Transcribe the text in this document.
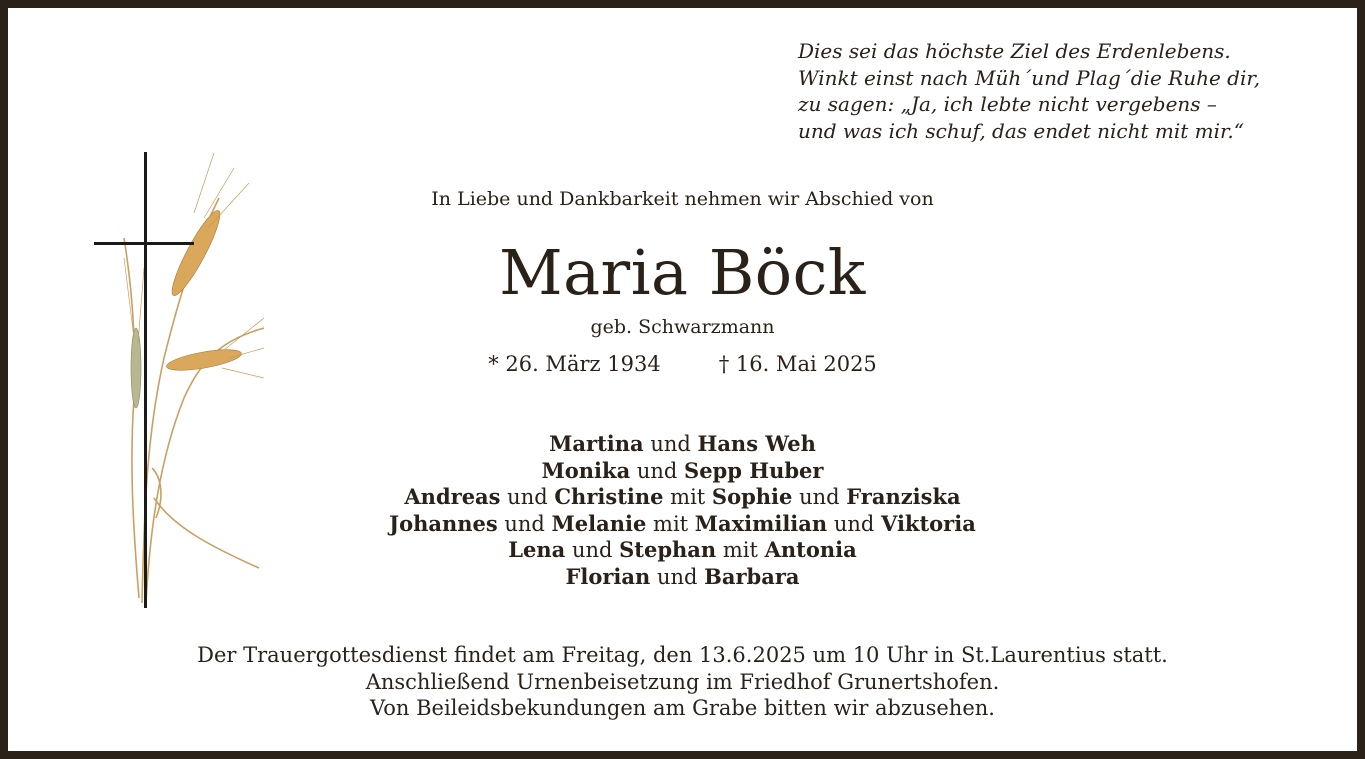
Dies sei das höchste Ziel des Erdenlebens.
Winkt einst nach Müh´und Plag´die Ruhe dir,
zu sagen: „Ja, ich lebte nicht vergebens –
und was ich schuf, das endet nicht mit mir.“
In Liebe und Dankbarkeit nehmen wir Abschied von
Maria Böck
geb. Schwarzmann
* 26. März 1934	† 16. Mai 2025
Martina und Hans Weh
Monika und Sepp Huber
Andreas und Christine mit Sophie und Franziska
Johannes und Melanie mit Maximilian und Viktoria
Lena und Stephan mit Antonia
Florian und Barbara
Der Trauergottesdienst findet am Freitag, den 13.6.2025 um 10 Uhr in St.Laurentius statt.
Anschließend Urnenbeisetzung im Friedhof Grunertshofen.
Von Beileidsbekundungen am Grabe bitten wir abzusehen.
